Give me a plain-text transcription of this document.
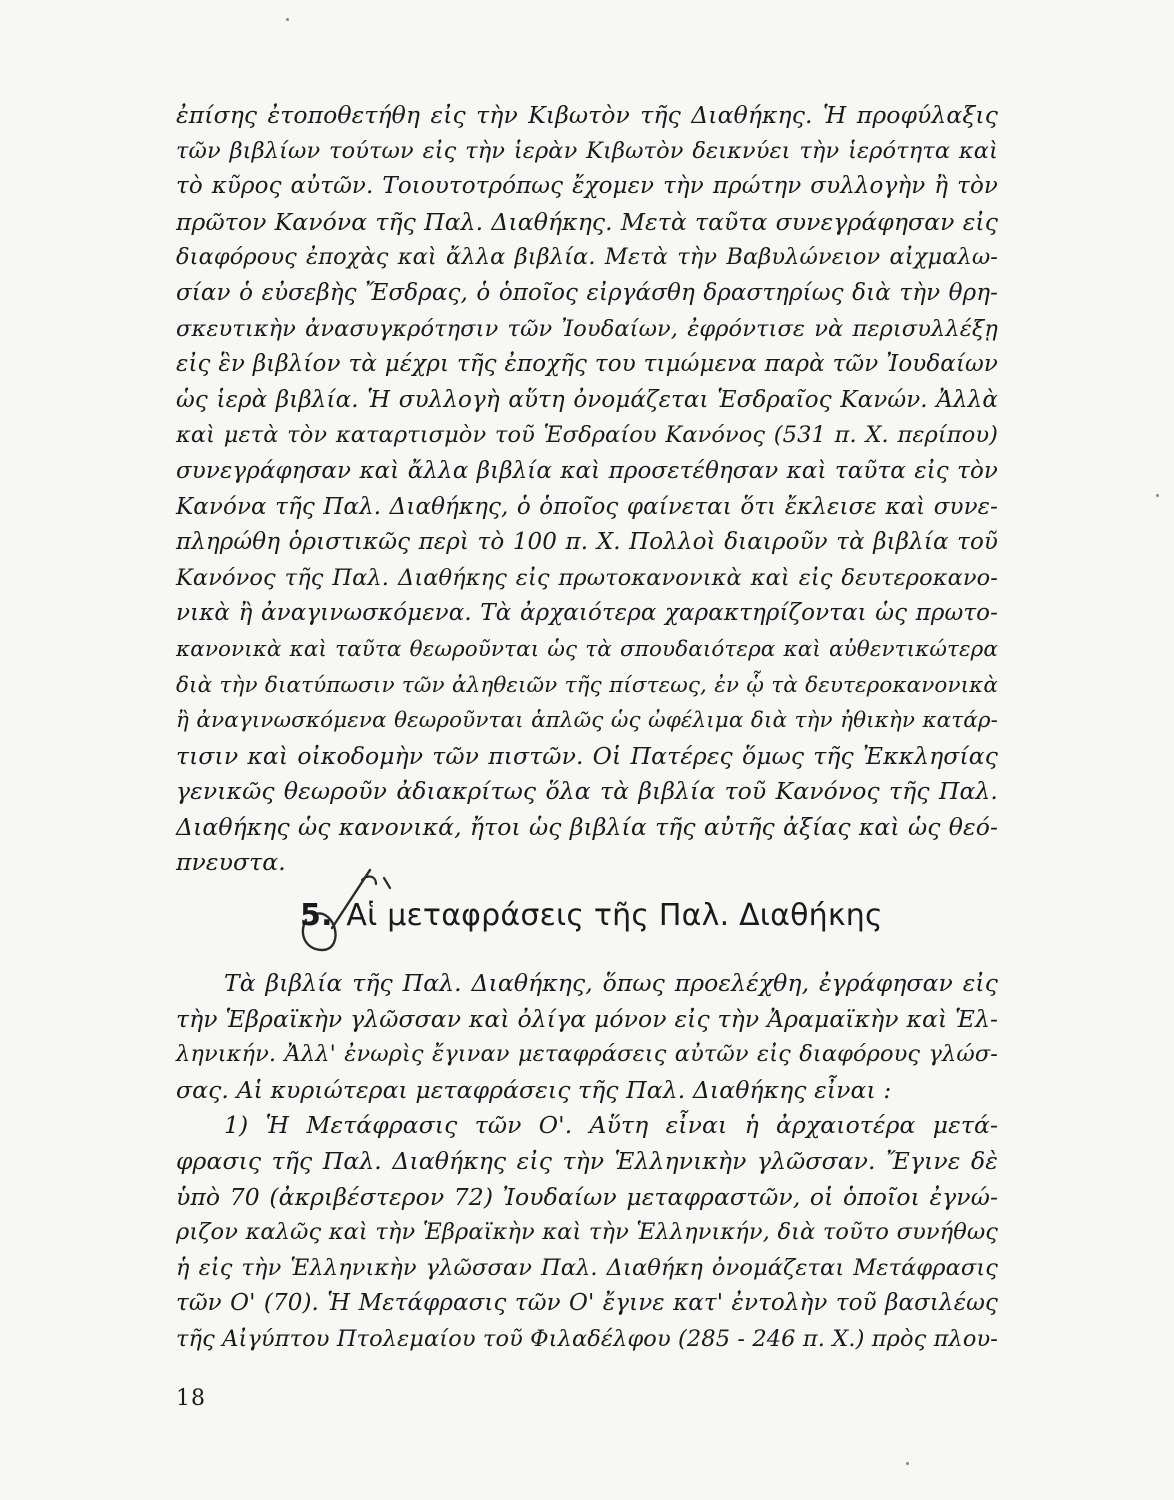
ἐπίσης ἐτοποθετήθη εἰς τὴν Κιβωτὸν τῆς Διαθήκης. Ἡ προφύλαξις
τῶν βιβλίων τούτων εἰς τὴν ἱερὰν Κιβωτὸν δεικνύει τὴν ἱερότητα καὶ
τὸ κῦρος αὐτῶν. Τοιουτοτρόπως ἔχομεν τὴν πρώτην συλλογὴν ἢ τὸν
πρῶτον Κανόνα τῆς Παλ. Διαθήκης. Μετὰ ταῦτα συνεγράφησαν εἰς
διαφόρους ἐποχὰς καὶ ἄλλα βιβλία. Μετὰ τὴν Βαβυλώνειον αἰχμαλω-
σίαν ὁ εὐσεβὴς Ἔσδρας, ὁ ὁποῖος εἰργάσθη δραστηρίως διὰ τὴν θρη-
σκευτικὴν ἀνασυγκρότησιν τῶν Ἰουδαίων, ἐφρόντισε νὰ περισυλλέξῃ
εἰς ἓν βιβλίον τὰ μέχρι τῆς ἐποχῆς του τιμώμενα παρὰ τῶν Ἰουδαίων
ὡς ἱερὰ βιβλία. Ἡ συλλογὴ αὕτη ὀνομάζεται Ἑσδραῖος Κανών. Ἀλλὰ
καὶ μετὰ τὸν καταρτισμὸν τοῦ Ἑσδραίου Κανόνος (531 π. Χ. περίπου)
συνεγράφησαν καὶ ἄλλα βιβλία καὶ προσετέθησαν καὶ ταῦτα εἰς τὸν
Κανόνα τῆς Παλ. Διαθήκης, ὁ ὁποῖος φαίνεται ὅτι ἔκλεισε καὶ συνε-
πληρώθη ὁριστικῶς περὶ τὸ 100 π. Χ. Πολλοὶ διαιροῦν τὰ βιβλία τοῦ
Κανόνος τῆς Παλ. Διαθήκης εἰς πρωτοκανονικὰ καὶ εἰς δευτεροκανο-
νικὰ ἢ ἀναγινωσκόμενα. Τὰ ἀρχαιότερα χαρακτηρίζονται ὡς πρωτο-
κανονικὰ καὶ ταῦτα θεωροῦνται ὡς τὰ σπουδαιότερα καὶ αὐθεντικώτερα
διὰ τὴν διατύπωσιν τῶν ἀληθειῶν τῆς πίστεως, ἐν ᾧ τὰ δευτεροκανονικὰ
ἢ ἀναγινωσκόμενα θεωροῦνται ἁπλῶς ὡς ὠφέλιμα διὰ τὴν ἠθικὴν κατάρ-
τισιν καὶ οἰκοδομὴν τῶν πιστῶν. Οἱ Πατέρες ὅμως τῆς Ἐκκλησίας
γενικῶς θεωροῦν ἀδιακρίτως ὅλα τὰ βιβλία τοῦ Κανόνος τῆς Παλ.
Διαθήκης ὡς κανονικά, ἤτοι ὡς βιβλία τῆς αὐτῆς ἀξίας καὶ ὡς θεό-
πνευστα.
5. Αἱ μεταφράσεις τῆς Παλ. Διαθήκης
Τὰ βιβλία τῆς Παλ. Διαθήκης, ὅπως προελέχθη, ἐγράφησαν εἰς
τὴν Ἑβραϊκὴν γλῶσσαν καὶ ὀλίγα μόνον εἰς τὴν Ἀραμαϊκὴν καὶ Ἑλ-
ληνικήν. Ἀλλ' ἐνωρὶς ἔγιναν μεταφράσεις αὐτῶν εἰς διαφόρους γλώσ-
σας. Αἱ κυριώτεραι μεταφράσεις τῆς Παλ. Διαθήκης εἶναι :
1) Ἡ Μετάφρασις τῶν Ο'. Αὕτη εἶναι ἡ ἀρχαιοτέρα μετά-
φρασις τῆς Παλ. Διαθήκης εἰς τὴν Ἑλληνικὴν γλῶσσαν. Ἔγινε δὲ
ὑπὸ 70 (ἀκριβέστερον 72) Ἰουδαίων μεταφραστῶν, οἱ ὁποῖοι ἐγνώ-
ριζον καλῶς καὶ τὴν Ἑβραϊκὴν καὶ τὴν Ἑλληνικήν, διὰ τοῦτο συνήθως
ἡ εἰς τὴν Ἑλληνικὴν γλῶσσαν Παλ. Διαθήκη ὀνομάζεται Μετάφρασις
τῶν Ο' (70). Ἡ Μετάφρασις τῶν Ο' ἔγινε κατ' ἐντολὴν τοῦ βασιλέως
τῆς Αἰγύπτου Πτολεμαίου τοῦ Φιλαδέλφου (285 - 246 π. Χ.) πρὸς πλου-
18
